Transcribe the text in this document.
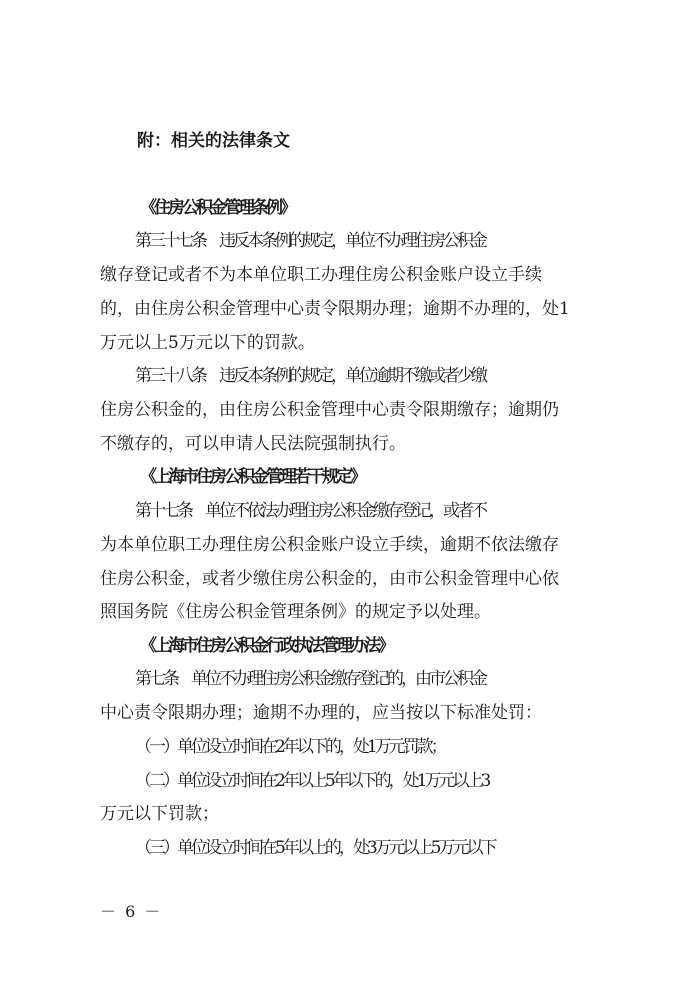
附：相关的法律条文
《住房公积金管理条例》
第三十七条　违反本条例的规定，单位不办理住房公积金
缴存登记或者不为本单位职工办理住房公积金账户设立手续
的，由住房公积金管理中心责令限期办理；逾期不办理的，处1
万元以上5万元以下的罚款。
第三十八条　违反本条例的规定，单位逾期不缴或者少缴
住房公积金的，由住房公积金管理中心责令限期缴存；逾期仍
不缴存的，可以申请人民法院强制执行。
《上海市住房公积金管理若干规定》
第十七条　单位不依法办理住房公积金缴存登记，或者不
为本单位职工办理住房公积金账户设立手续，逾期不依法缴存
住房公积金，或者少缴住房公积金的，由市公积金管理中心依
照国务院《住房公积金管理条例》的规定予以处理。
《上海市住房公积金行政执法管理办法》
第七条　单位不办理住房公积金缴存登记的，由市公积金
中心责令限期办理；逾期不办理的，应当按以下标准处罚：
（一）单位设立时间在2年以下的，处1万元罚款；
（二）单位设立时间在2年以上5年以下的，处1万元以上3
万元以下罚款；
（三）单位设立时间在5年以上的，处3万元以上5万元以下
－ 6 －
